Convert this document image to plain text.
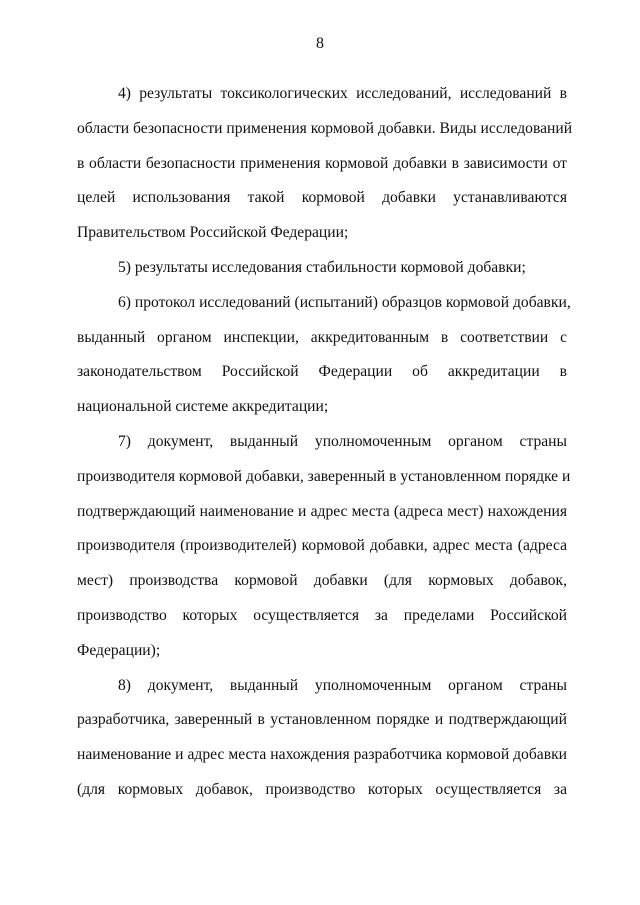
8
4) результаты токсикологических исследований, исследований в
области безопасности применения кормовой добавки. Виды исследований
в области безопасности применения кормовой добавки в зависимости от
целей использования такой кормовой добавки устанавливаются
Правительством Российской Федерации;
5) результаты исследования стабильности кормовой добавки;
6) протокол исследований (испытаний) образцов кормовой добавки,
выданный органом инспекции, аккредитованным в соответствии с
законодательством Российской Федерации об аккредитации в
национальной системе аккредитации;
7) документ, выданный уполномоченным органом страны
производителя кормовой добавки, заверенный в установленном порядке и
подтверждающий наименование и адрес места (адреса мест) нахождения
производителя (производителей) кормовой добавки, адрес места (адреса
мест) производства кормовой добавки (для кормовых добавок,
производство которых осуществляется за пределами Российской
Федерации);
8) документ, выданный уполномоченным органом страны
разработчика, заверенный в установленном порядке и подтверждающий
наименование и адрес места нахождения разработчика кормовой добавки
(для кормовых добавок, производство которых осуществляется за
